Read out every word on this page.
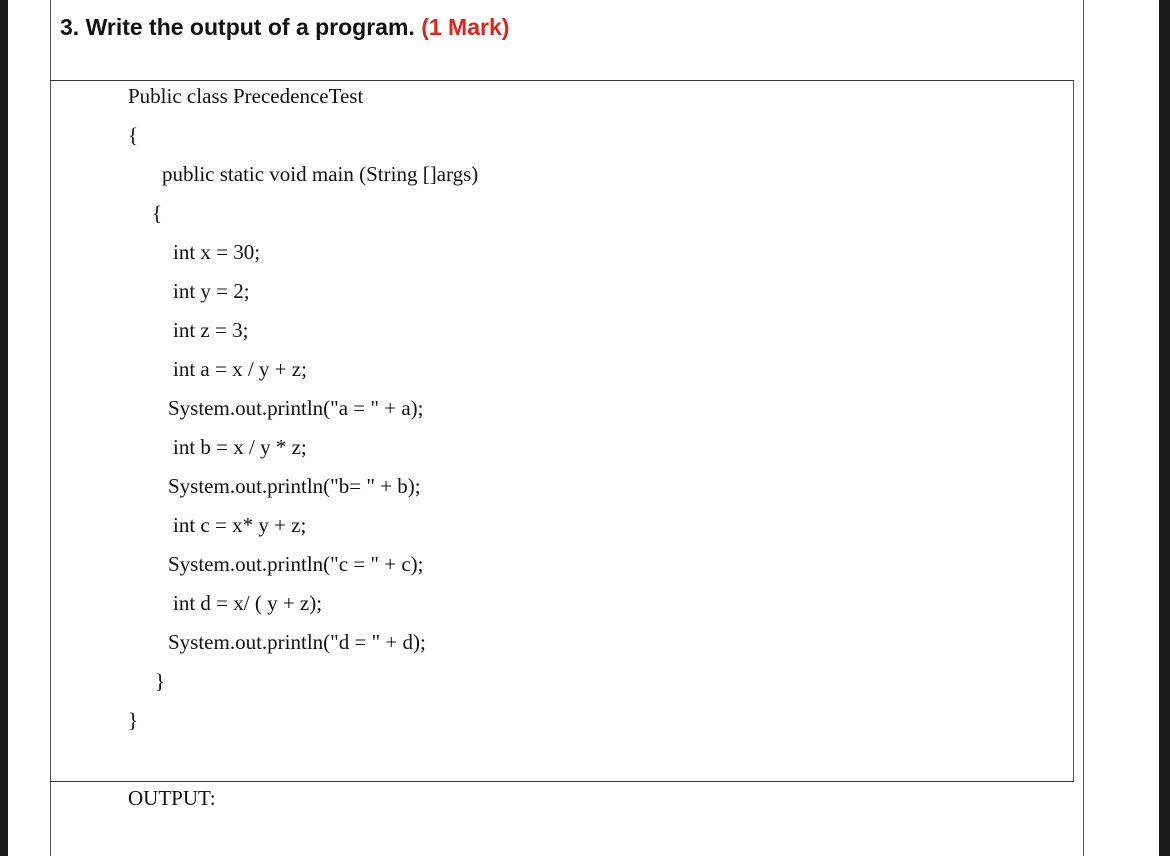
3. Write the output of a program. (1 Mark)
Public class PrecedenceTest
{
public static void main (String []args)
{
int x = 30;
int y = 2;
int z = 3;
int a = x / y + z;
System.out.println("a = " + a);
int b = x / y * z;
System.out.println("b= " + b);
int c = x* y + z;
System.out.println("c = " + c);
int d = x/ ( y + z);
System.out.println("d = " + d);
}
}
OUTPUT:
